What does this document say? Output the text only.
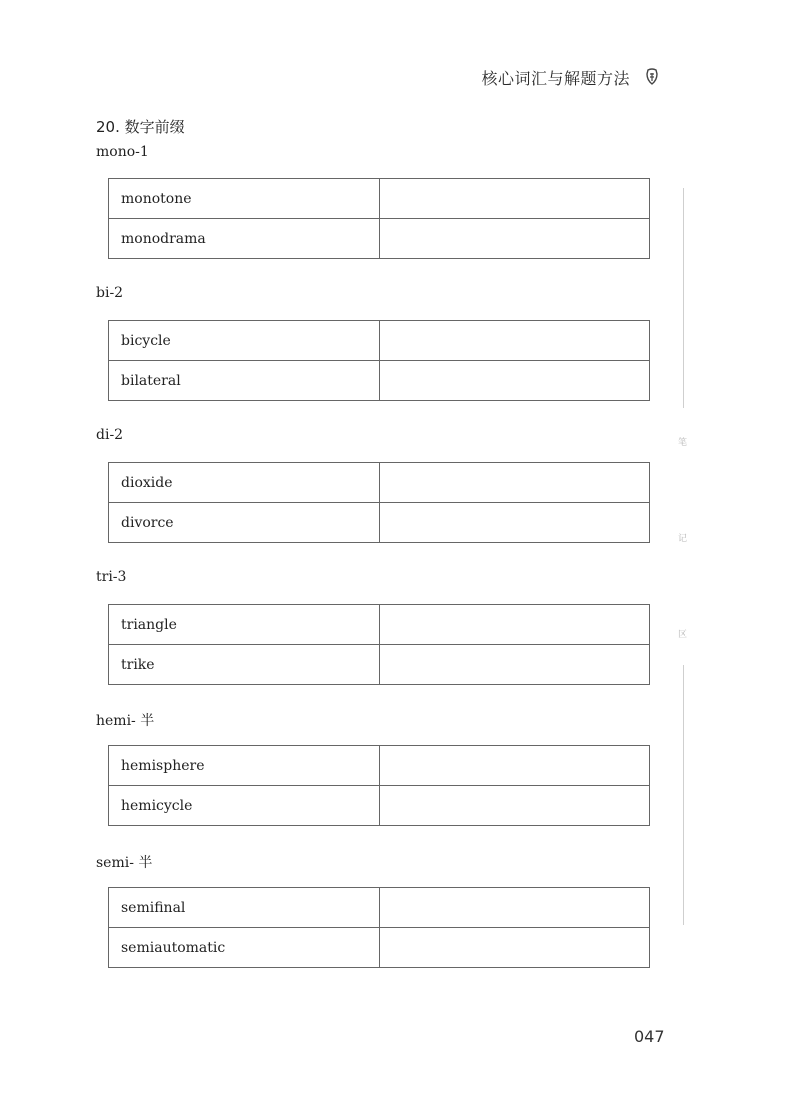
核心词汇与解题方法
20. 数字前缀
mono-1
monotone	
monodrama	
bi-2
bicycle	
bilateral	
di-2
dioxide	
divorce	
tri-3
triangle	
trike	
hemi- 半
hemisphere	
hemicycle	
semi- 半
semifinal	
semiautomatic	
笔
记
区
047
